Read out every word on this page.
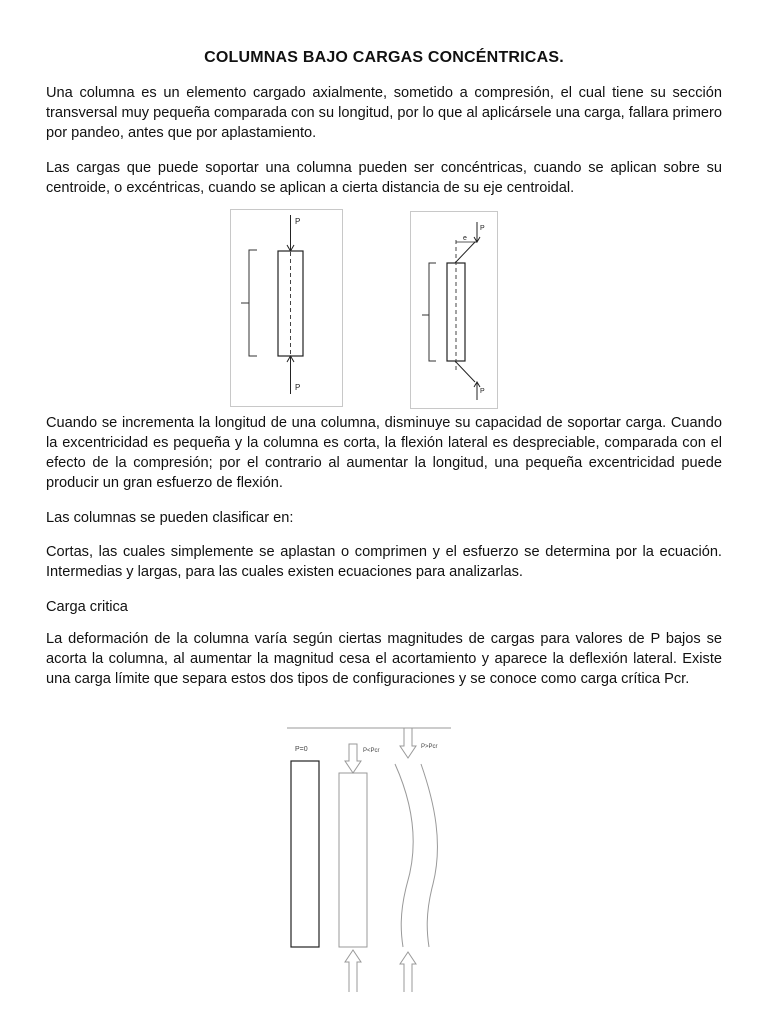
COLUMNAS BAJO CARGAS CONCÉNTRICAS.

Una columna es un elemento cargado axialmente, sometido a compresión, el cual tiene su sección transversal muy pequeña comparada con su longitud, por lo que al aplicársele una carga, fallara primero por pandeo, antes que por aplastamiento.

Las cargas que puede soportar una columna pueden ser concéntricas, cuando se aplican sobre su centroide, o excéntricas, cuando se aplican a cierta distancia de su eje centroidal.

Cuando se incrementa la longitud de una columna, disminuye su capacidad de soportar carga. Cuando la excentricidad es pequeña y la columna es corta, la flexión lateral es despreciable, comparada con el efecto de la compresión; por el contrario al aumentar la longitud, una pequeña excentricidad puede producir un gran esfuerzo de flexión.

Las columnas se pueden clasificar en:

Cortas, las cuales simplemente se aplastan o comprimen y el esfuerzo se determina por la ecuación. Intermedias y largas, para las cuales existen ecuaciones para analizarlas.

Carga critica

La deformación de la columna varía según ciertas magnitudes de cargas para valores de P bajos se acorta la columna, al aumentar la magnitud cesa el acortamiento y aparece la deflexión lateral. Existe una carga límite que separa estos dos tipos de configuraciones y se conoce como carga crítica Pcr.

P
P
e
P
P
P=0	P<Pcr
P>Pcr
